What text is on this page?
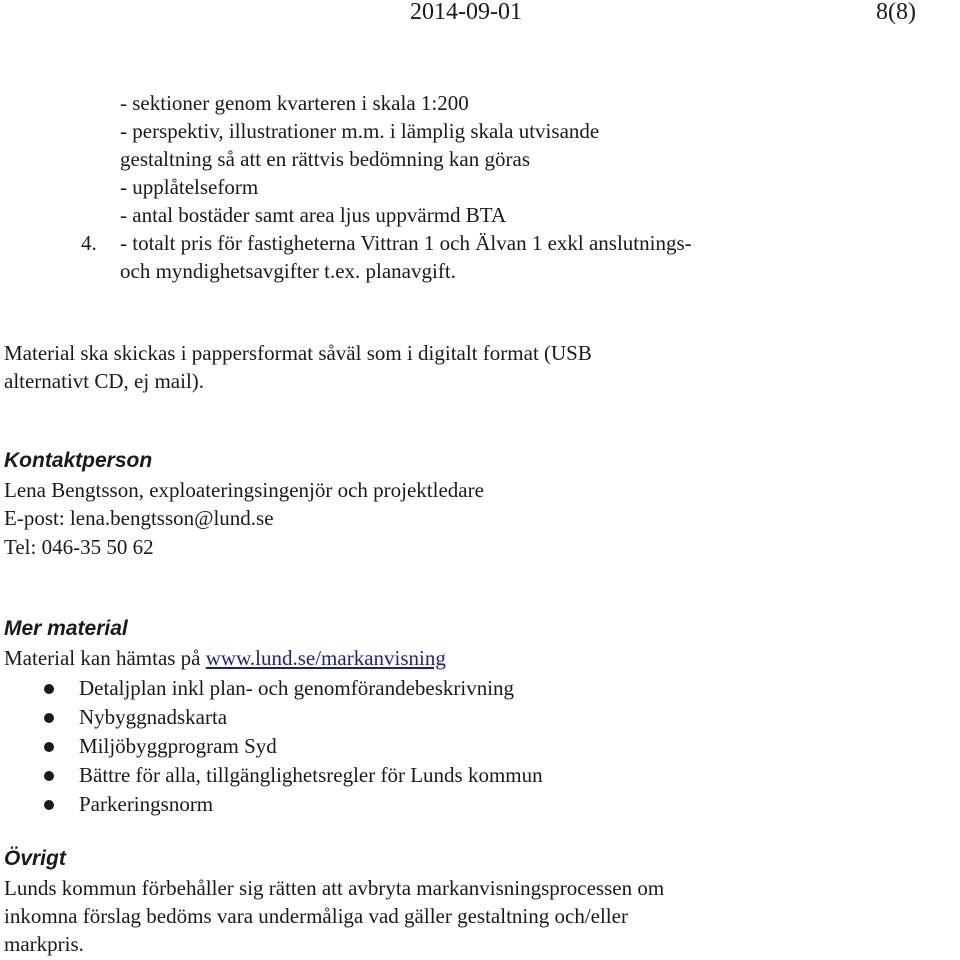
2014-09-01	8(8)
- sektioner genom kvarteren i skala 1:200
- perspektiv, illustrationer m.m. i lämplig skala utvisande
gestaltning så att en rättvis bedömning kan göras
- upplåtelseform
- antal bostäder samt area ljus uppvärmd BTA
4. - totalt pris för fastigheterna Vittran 1 och Älvan 1 exkl anslutnings-
och myndighetsavgifter t.ex. planavgift.
Material ska skickas i pappersformat såväl som i digitalt format (USB
alternativt CD, ej mail).
Kontaktperson
Lena Bengtsson, exploateringsingenjör och projektledare
E-post: lena.bengtsson@lund.se
Tel: 046-35 50 62
Mer material
Material kan hämtas på www.lund.se/markanvisning
Detaljplan inkl plan- och genomförandebeskrivning
Nybyggnadskarta
Miljöbyggprogram Syd
Bättre för alla, tillgänglighetsregler för Lunds kommun
Parkeringsnorm
Övrigt
Lunds kommun förbehåller sig rätten att avbryta markanvisningsprocessen om
inkomna förslag bedöms vara undermåliga vad gäller gestaltning och/eller
markpris.
